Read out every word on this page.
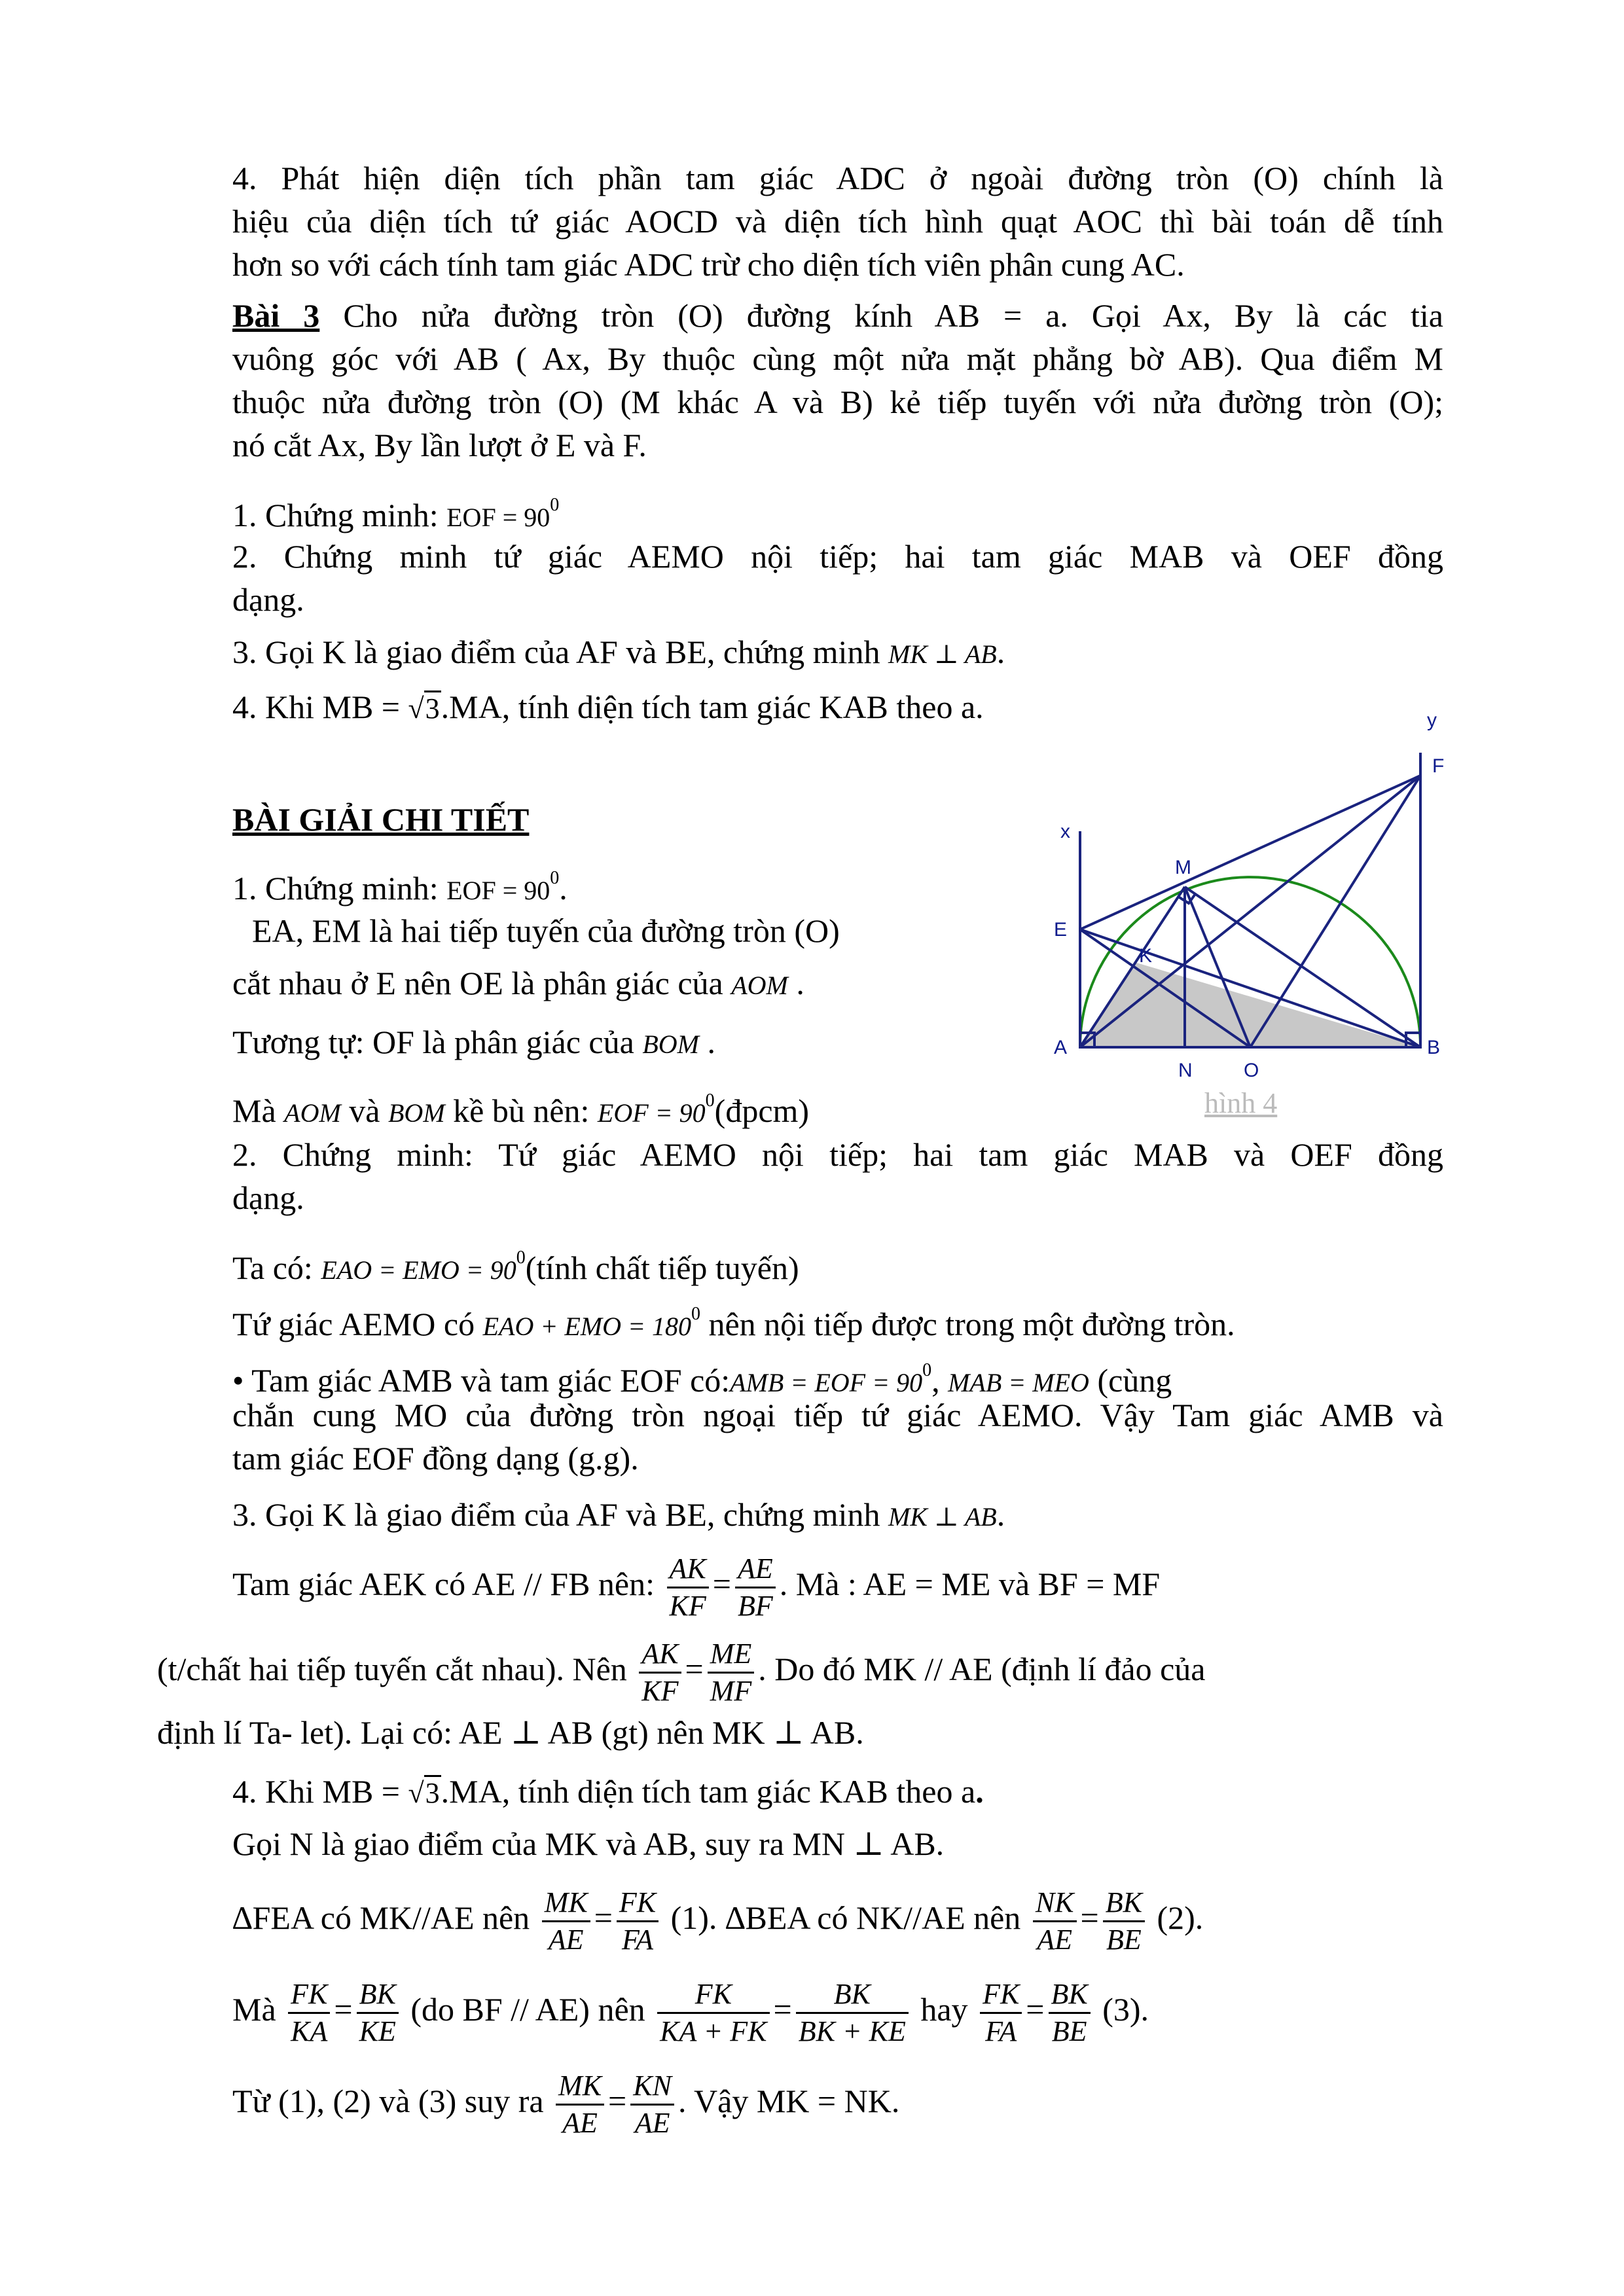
4. Phát hiện diện tích phần tam giác ADC ở ngoài đường tròn (O) chính là
hiệu của diện tích tứ giác AOCD và diện tích hình quạt AOC thì bài toán dễ tính
hơn so với cách tính tam giác ADC trừ cho diện tích viên phân cung AC.
Bài 3 Cho nửa đường tròn (O) đường kính AB = a. Gọi Ax, By là các tia
vuông góc với AB ( Ax, By thuộc cùng một nửa mặt phẳng bờ AB). Qua điểm M
thuộc nửa đường tròn (O) (M khác A và B) kẻ tiếp tuyến với nửa đường tròn (O);
nó cắt Ax, By lần lượt ở E và F.
1. Chứng minh: EOF = $90^0$
2. Chứng minh tứ giác AEMO nội tiếp; hai tam giác MAB và OEF đồng
dạng.
3. Gọi K là giao điểm của AF và BE, chứng minh MK ⊥ AB.
4. Khi MB = √3.MA, tính diện tích tam giác KAB theo a.
BÀI GIẢI CHI TIẾT
1. Chứng minh: EOF = $90^0$.
EA, EM là hai tiếp tuyến của đường tròn (O)
cắt nhau ở E nên OE là phân giác của AOM .
Tương tự: OF là phân giác của BOM .
Mà AOM và BOM kề bù nên: EOF = $90^0(đpcm)$
2. Chứng minh: Tứ giác AEMO nội tiếp; hai tam giác MAB và OEF đồng
dạng.
Ta có: EAO = EMO = $90^0(tính$ chất tiếp tuyến)
Tứ giác AEMO có EAO + EMO = $180^0$ nên nội tiếp được trong một đường tròn.
• Tam giác AMB và tam giác EOF có:AMB = EOF = $90^0$, MAB = MEO (cùng
chắn cung MO của đường tròn ngoại tiếp tứ giác AEMO. Vậy Tam giác AMB và
tam giác EOF đồng dạng (g.g).
3. Gọi K là giao điểm của AF và BE, chứng minh MK ⊥ AB.
Tam giác AEK có AE // FB nên: $\frac{AK}{KF} = \frac{AE}{BF}$ . Mà : AE = ME và BF = MF
(t/chất hai tiếp tuyến cắt nhau). Nên $\frac{AK}{KF} = \frac{ME}{MF}$ . Do đó MK // AE (định lí đảo của
định lí Ta- let). Lại có: AE ⊥ AB (gt) nên MK ⊥ AB.
4. Khi MB = √3.MA, tính diện tích tam giác KAB theo a.
Gọi N là giao điểm của MK và AB, suy ra MN ⊥ AB.
∆FEA có MK//AE nên $\frac{MK}{AE} = \frac{FK}{FA} (1)$. ∆BEA có NK//AE nên $\frac{NK}{AE} = \frac{BK}{BE} (2)$.
Mà $\frac{FK}{KA} = \frac{BK}{KE} (do$ BF // AE) nên $\frac{FK}{KA + FK} = \frac{BK}{BK + KE}$ hay $\frac{FK}{FA} = \frac{BK}{BE} (3)$.
Từ (1), (2) và (3) suy ra $\frac{MK}{AE} = \frac{KN}{AE}$ . Vậy MK = NK.
x
y
E
M
K
A
N	O
B
F
hình 4
